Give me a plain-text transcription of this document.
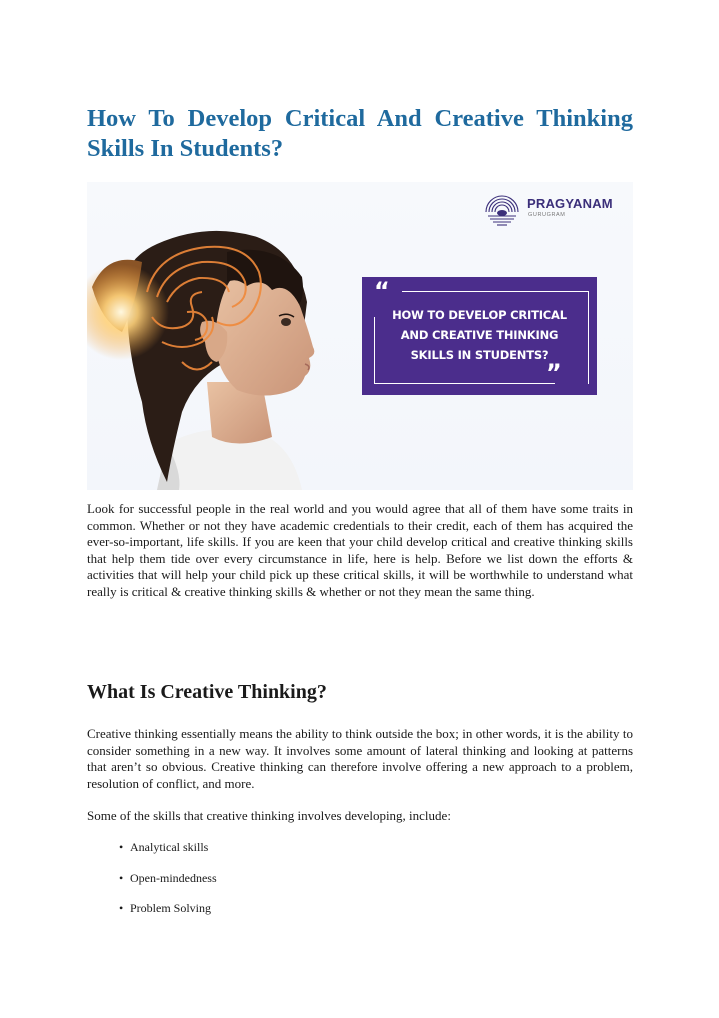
How To Develop Critical And Creative Thinking
Skills In Students?
PRAGYANAM
GURUGRAM
“
HOW TO DEVELOP CRITICAL
AND CREATIVE THINKING
SKILLS IN STUDENTS?
”

Look for successful people in the real world and you would agree that all of them have some traits in common. Whether or not they have academic credentials to their credit, each of them has acquired the ever-so-important, life skills. If you are keen that your child develop critical and creative thinking skills that help them tide over every circumstance in life, here is help. Before we list down the efforts & activities that will help your child pick up these critical skills, it will be worthwhile to understand what really is critical & creative thinking skills & whether or not they mean the same thing.

What Is Creative Thinking?

Creative thinking essentially means the ability to think outside the box; in other words, it is the ability to consider something in a new way. It involves some amount of lateral thinking and looking at patterns that aren’t so obvious. Creative thinking can therefore involve offering a new approach to a problem, resolution of conflict, and more.

Some of the skills that creative thinking involves developing, include:

• Analytical skills
• Open-mindedness
• Problem Solving
